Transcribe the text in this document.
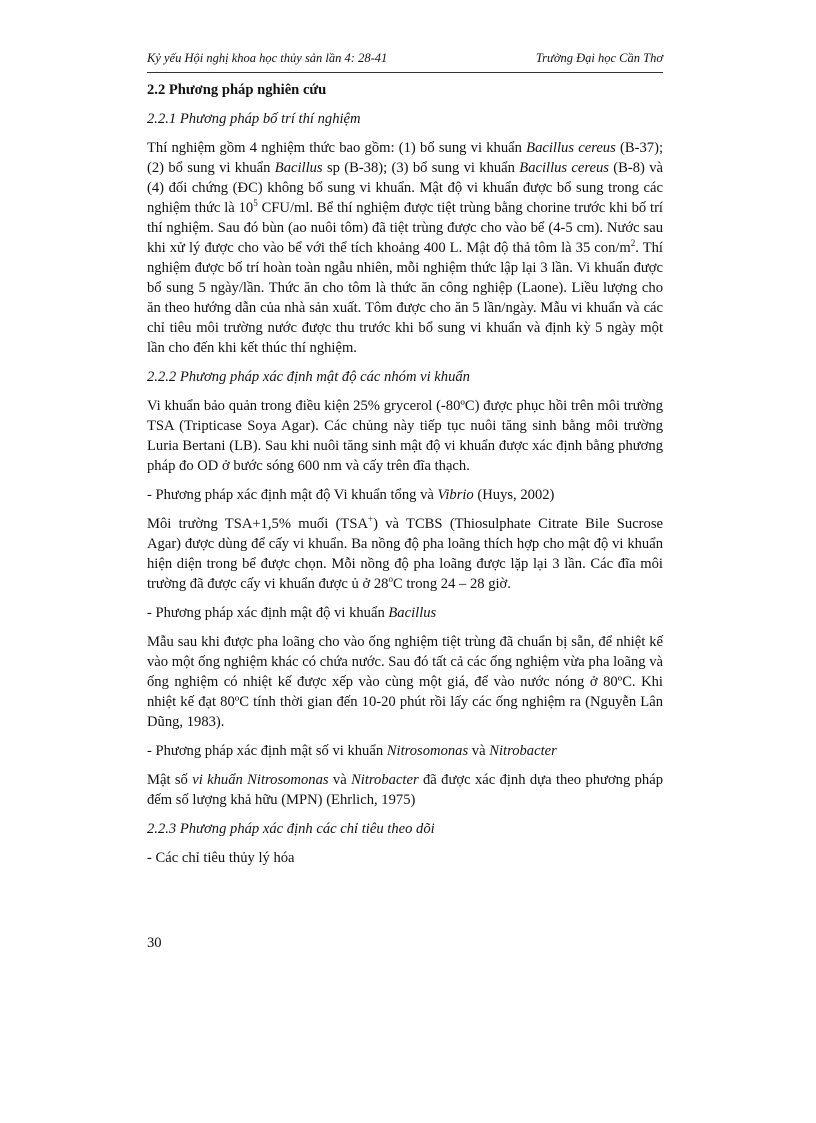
Kỷ yếu Hội nghị khoa học thủy sản lần 4: 28-41	Trường Đại học Cần Thơ
2.2 Phương pháp nghiên cứu
2.2.1 Phương pháp bố trí thí nghiệm
Thí nghiệm gồm 4 nghiệm thức bao gồm: (1) bổ sung vi khuẩn Bacillus cereus (B-37); (2) bổ sung vi khuẩn Bacillus sp (B-38); (3) bổ sung vi khuẩn Bacillus cereus (B-8) và (4) đối chứng (ĐC) không bổ sung vi khuẩn. Mật độ vi khuẩn được bổ sung trong các nghiệm thức là $10^5$ CFU/ml. Bể thí nghiệm được tiệt trùng bằng chorine trước khi bố trí thí nghiệm. Sau đó bùn (ao nuôi tôm) đã tiệt trùng được cho vào bể (4-5 cm). Nước sau khi xử lý được cho vào bể với thể tích khoảng 400 L. Mật độ thả tôm là 35 con/$m^2$. Thí nghiệm được bố trí hoàn toàn ngẫu nhiên, mỗi nghiệm thức lập lại 3 lần. Vi khuẩn được bổ sung 5 ngày/lần. Thức ăn cho tôm là thức ăn công nghiệp (Laone). Liều lượng cho ăn theo hướng dẫn của nhà sản xuất. Tôm được cho ăn 5 lần/ngày. Mẫu vi khuẩn và các chỉ tiêu môi trường nước được thu trước khi bổ sung vi khuẩn và định kỳ 5 ngày một lần cho đến khi kết thúc thí nghiệm.
2.2.2 Phương pháp xác định mật độ các nhóm vi khuẩn
Vi khuẩn bảo quản trong điều kiện 25% grycerol (-80ºC) được phục hồi trên môi trường TSA (Tripticase Soya Agar). Các chủng này tiếp tục nuôi tăng sinh bằng môi trường Luria Bertani (LB). Sau khi nuôi tăng sinh mật độ vi khuẩn được xác định bằng phương pháp đo OD ở bước sóng 600 nm và cấy trên đĩa thạch.
- Phương pháp xác định mật độ Vi khuẩn tổng và Vibrio (Huys, 2002)
Môi trường TSA+1,5% muối (TSA+) và TCBS (Thiosulphate Citrate Bile Sucrose Agar) được dùng để cấy vi khuẩn. Ba nồng độ pha loãng thích hợp cho mật độ vi khuẩn hiện diện trong bể được chọn. Mỗi nồng độ pha loãng được lặp lại 3 lần. Các đĩa môi trường đã được cấy vi khuẩn được ủ ở 28$^o$C trong 24 – 28 giờ.
- Phương pháp xác định mật độ vi khuẩn Bacillus
Mẫu sau khi được pha loãng cho vào ống nghiệm tiệt trùng đã chuẩn bị sẵn, để nhiệt kế vào một ống nghiệm khác có chứa nước. Sau đó tất cả các ống nghiệm vừa pha loãng và ống nghiệm có nhiệt kế được xếp vào cùng một giá, để vào nước nóng ở 80ºC. Khi nhiệt kế đạt 80ºC tính thời gian đến 10-20 phút rồi lấy các ống nghiệm ra (Nguyễn Lân Dũng, 1983).
- Phương pháp xác định mật số vi khuẩn Nitrosomonas và Nitrobacter
Mật số vi khuẩn Nitrosomonas và Nitrobacter đã được xác định dựa theo phương pháp đếm số lượng khả hữu (MPN) (Ehrlich, 1975)
2.2.3 Phương pháp xác định các chỉ tiêu theo dõi
- Các chỉ tiêu thủy lý hóa
30
